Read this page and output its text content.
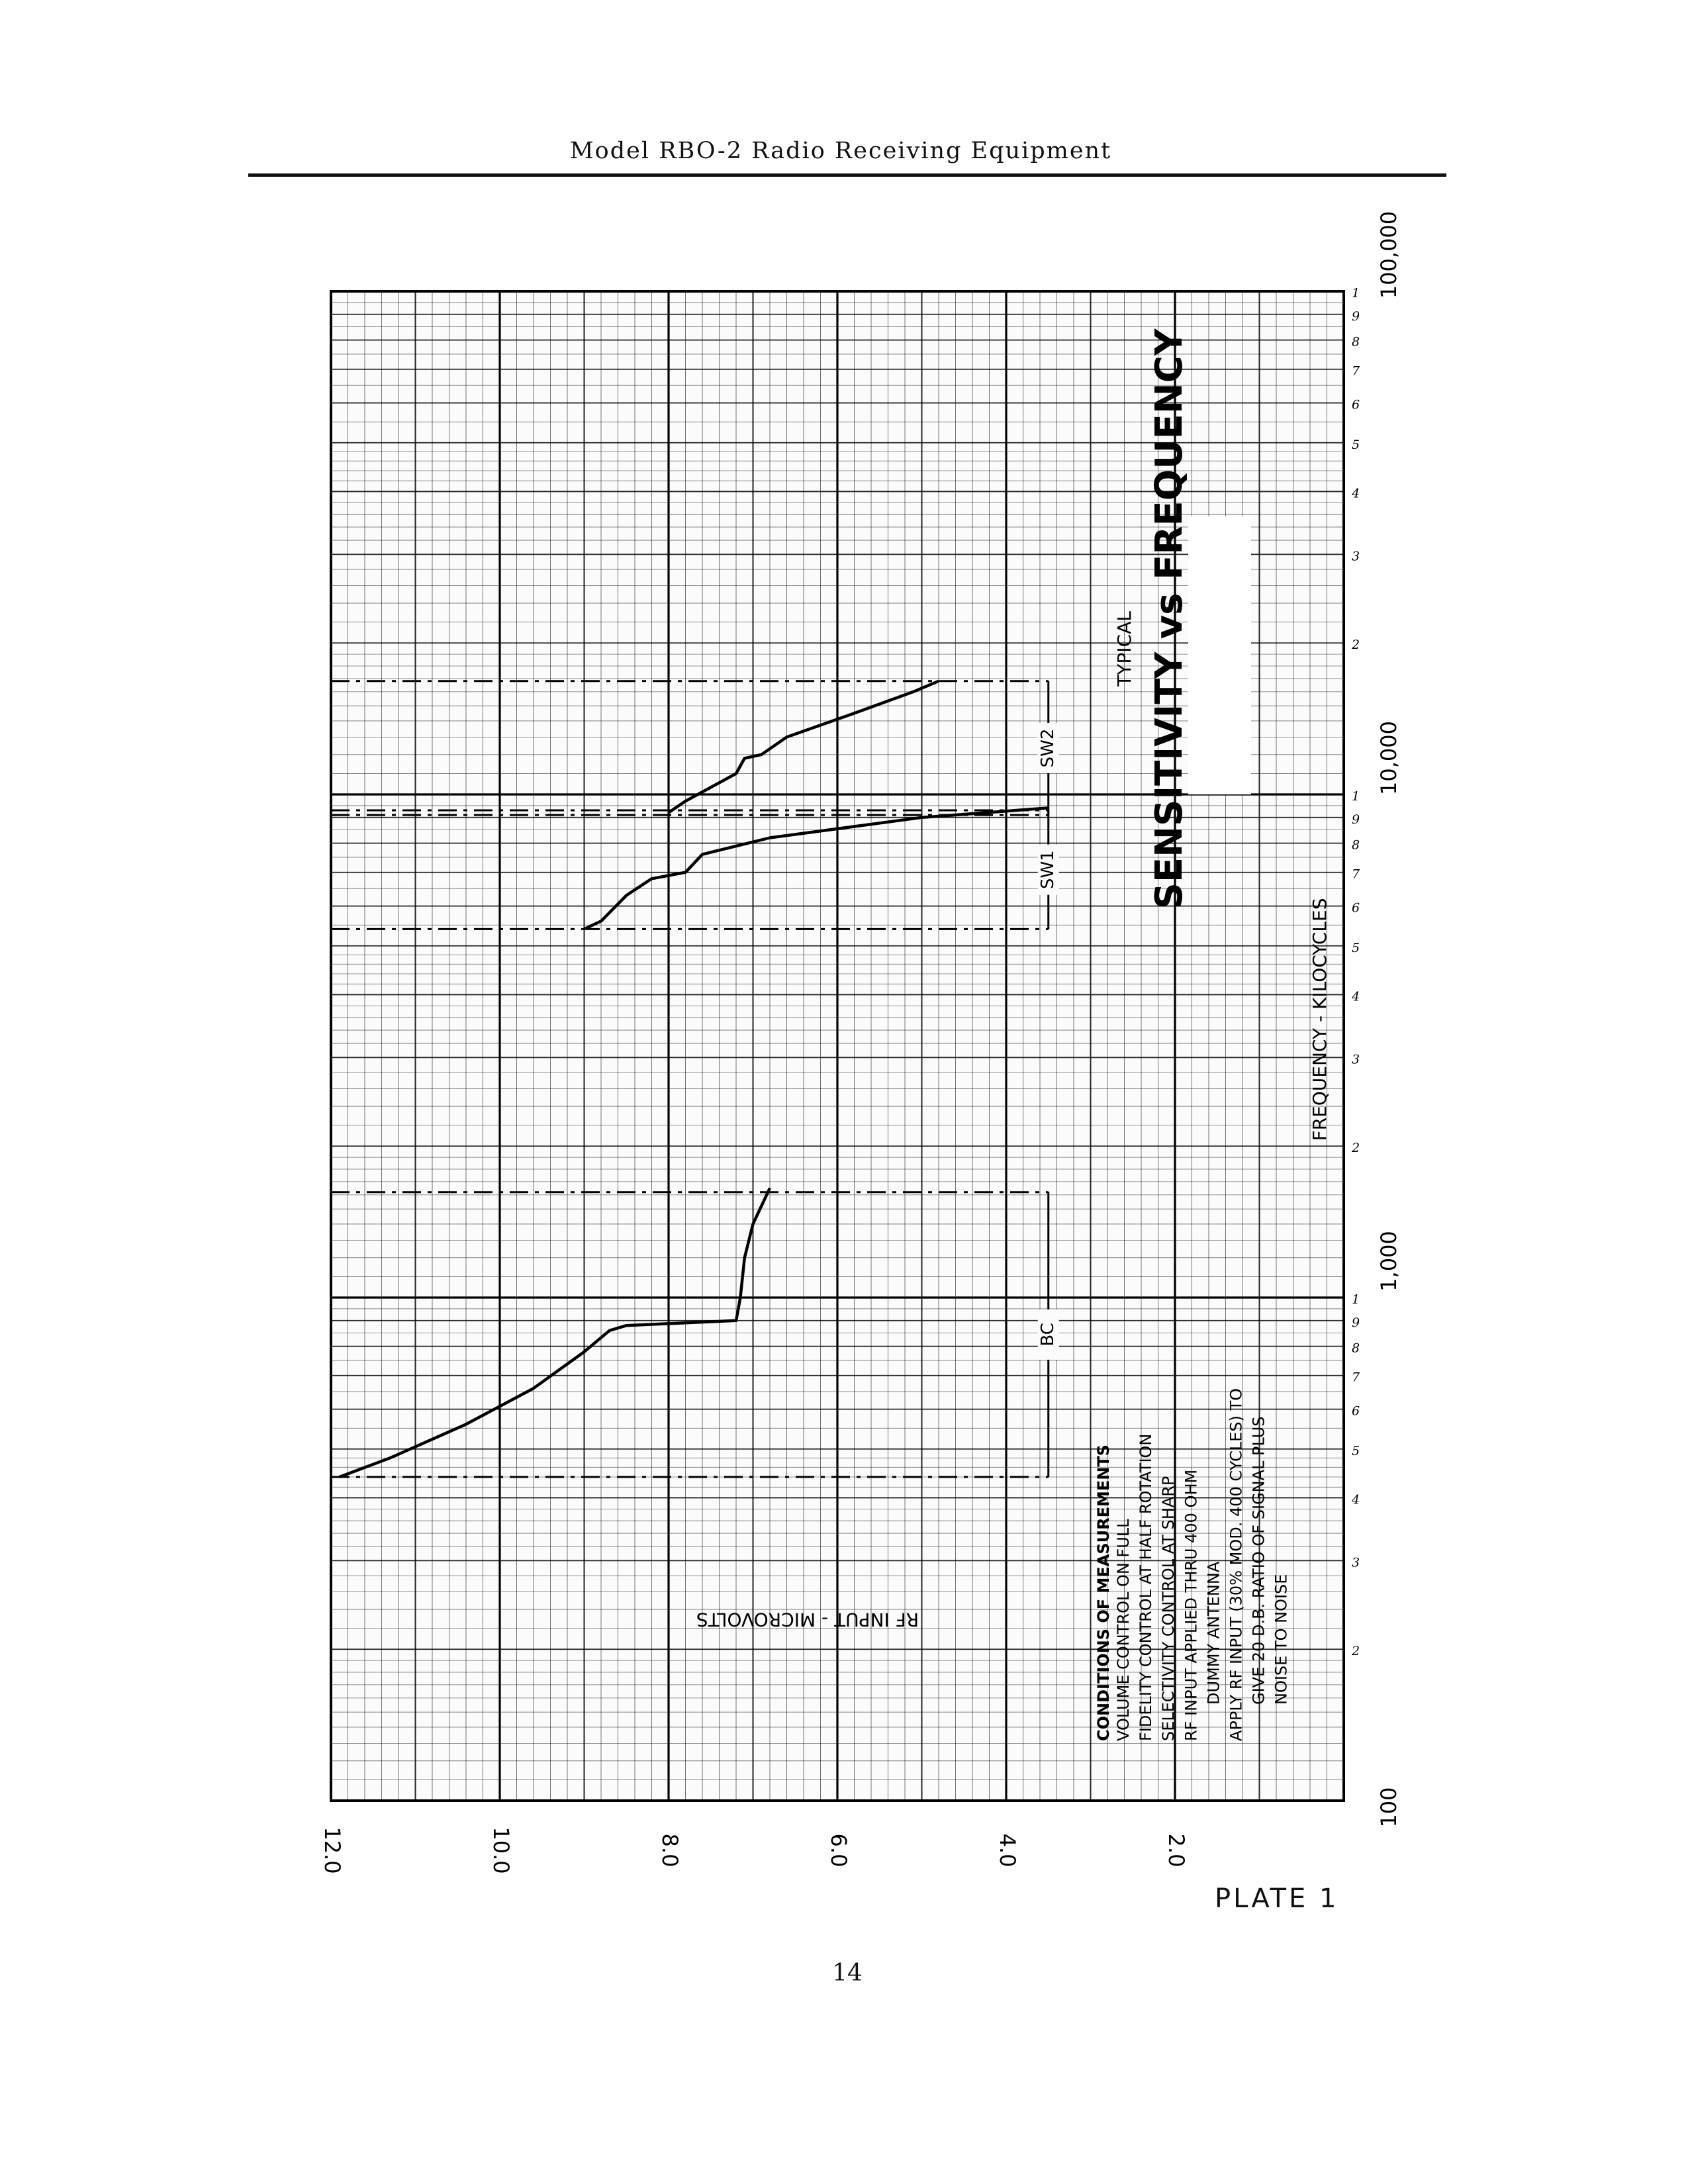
Model RBO-2 Radio Receiving Equipment
BC
SW1
SW2
12.0	10.0	8.0	6.0	4.0	2.0
100
1,000
10,000
100,000
2
3
4
5
6
7
8
9
1
2
3
4
5
6
7
8
9
1
2
3
4
5
6
7
8
9
1
TYPICAL SENSITIVITY vs FREQUENCY
FREQUENCY - KILOCYCLES
RF INPUT - MICROVOLTS	CONDITIONS OF MEASUREMENTS VOLUME CONTROL ON FULL FIDELITY CONTROL AT HALF ROTATION SELECTIVITY CONTROL AT SHARP RF INPUT APPLIED THRU 400 OHM DUMMY ANTENNA APPLY RF INPUT (30% MOD. 400 CYCLES) TO GIVE 20 D.B. RATIO OF SIGNAL PLUS NOISE TO NOISE
PLATE 1
14
